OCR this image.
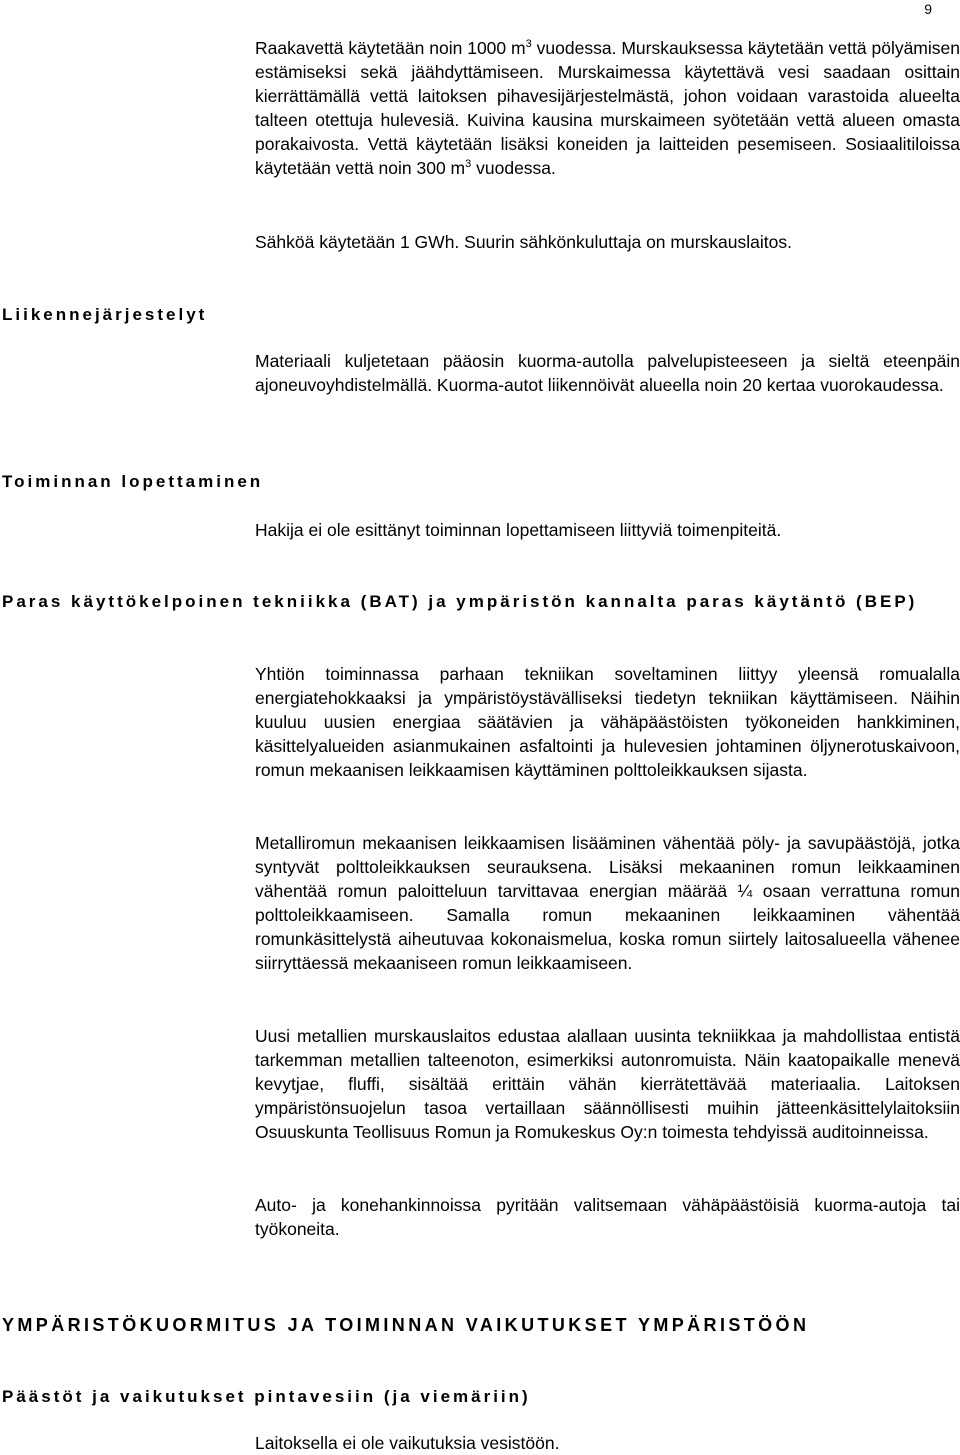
9

Raakavettä käytetään noin 1000 $m^3$ vuodessa. Murskauksessa käytetään vettä pölyämisen estämiseksi sekä jäähdyttämiseen. Murskaimessa käytettävä vesi saadaan osittain kierrättämällä vettä laitoksen pihavesijärjestelmästä, johon voidaan varastoida alueelta talteen otettuja hulevesiä. Kuivina kausina murskaimeen syötetään vettä alueen omasta porakaivosta. Vettä käytetään lisäksi koneiden ja laitteiden pesemiseen. Sosiaalitiloissa käytetään vettä noin 300 $m^3$ vuodessa.

Sähköä käytetään 1 GWh. Suurin sähkönkuluttaja on murskauslaitos.

Liikennejärjestelyt

Materiaali kuljetetaan pääosin kuorma-autolla palvelupisteeseen ja sieltä eteenpäin ajoneuvoyhdistelmällä. Kuorma-autot liikennöivät alueella noin 20 kertaa vuorokaudessa.

Toiminnan lopettaminen

Hakija ei ole esittänyt toiminnan lopettamiseen liittyviä toimenpiteitä.

Paras käyttökelpoinen tekniikka (BAT) ja ympäristön kannalta paras käytäntö (BEP)

Yhtiön toiminnassa parhaan tekniikan soveltaminen liittyy yleensä romualalla energiatehokkaaksi ja ympäristöystävälliseksi tiedetyn tekniikan käyttämiseen. Näihin kuuluu uusien energiaa säätävien ja vähäpäästöisten työkoneiden hankkiminen, käsittelyalueiden asianmukainen asfaltointi ja hulevesien johtaminen öljynerotuskaivoon, romun mekaanisen leikkaamisen käyttäminen polttoleikkauksen sijasta.

Metalliromun mekaanisen leikkaamisen lisääminen vähentää pöly- ja savupäästöjä, jotka syntyvät polttoleikkauksen seurauksena. Lisäksi mekaaninen romun leikkaaminen vähentää romun paloitteluun tarvittavaa energian määrää ¼ osaan verrattuna romun polttoleikkaamiseen. Samalla romun mekaaninen leikkaaminen vähentää romunkäsittelystä aiheutuvaa kokonaismelua, koska romun siirtely laitosalueella vähenee siirryttäessä mekaaniseen romun leikkaamiseen.

Uusi metallien murskauslaitos edustaa alallaan uusinta tekniikkaa ja mahdollistaa entistä tarkemman metallien talteenoton, esimerkiksi autonromuista. Näin kaatopaikalle menevä kevytjae, fluffi, sisältää erittäin vähän kierrätettävää materiaalia. Laitoksen ympäristönsuojelun tasoa vertaillaan säännöllisesti muihin jätteenkäsittelylaitoksiin Osuuskunta Teollisuus Romun ja Romukeskus Oy:n toimesta tehdyissä auditoinneissa.

Auto- ja konehankinnoissa pyritään valitsemaan vähäpäästöisiä kuorma-autoja tai työkoneita.

YMPÄRISTÖKUORMITUS JA TOIMINNAN VAIKUTUKSET YMPÄRISTÖÖN
Päästöt ja vaikutukset pintavesiin (ja viemäriin)

Laitoksella ei ole vaikutuksia vesistöön.
